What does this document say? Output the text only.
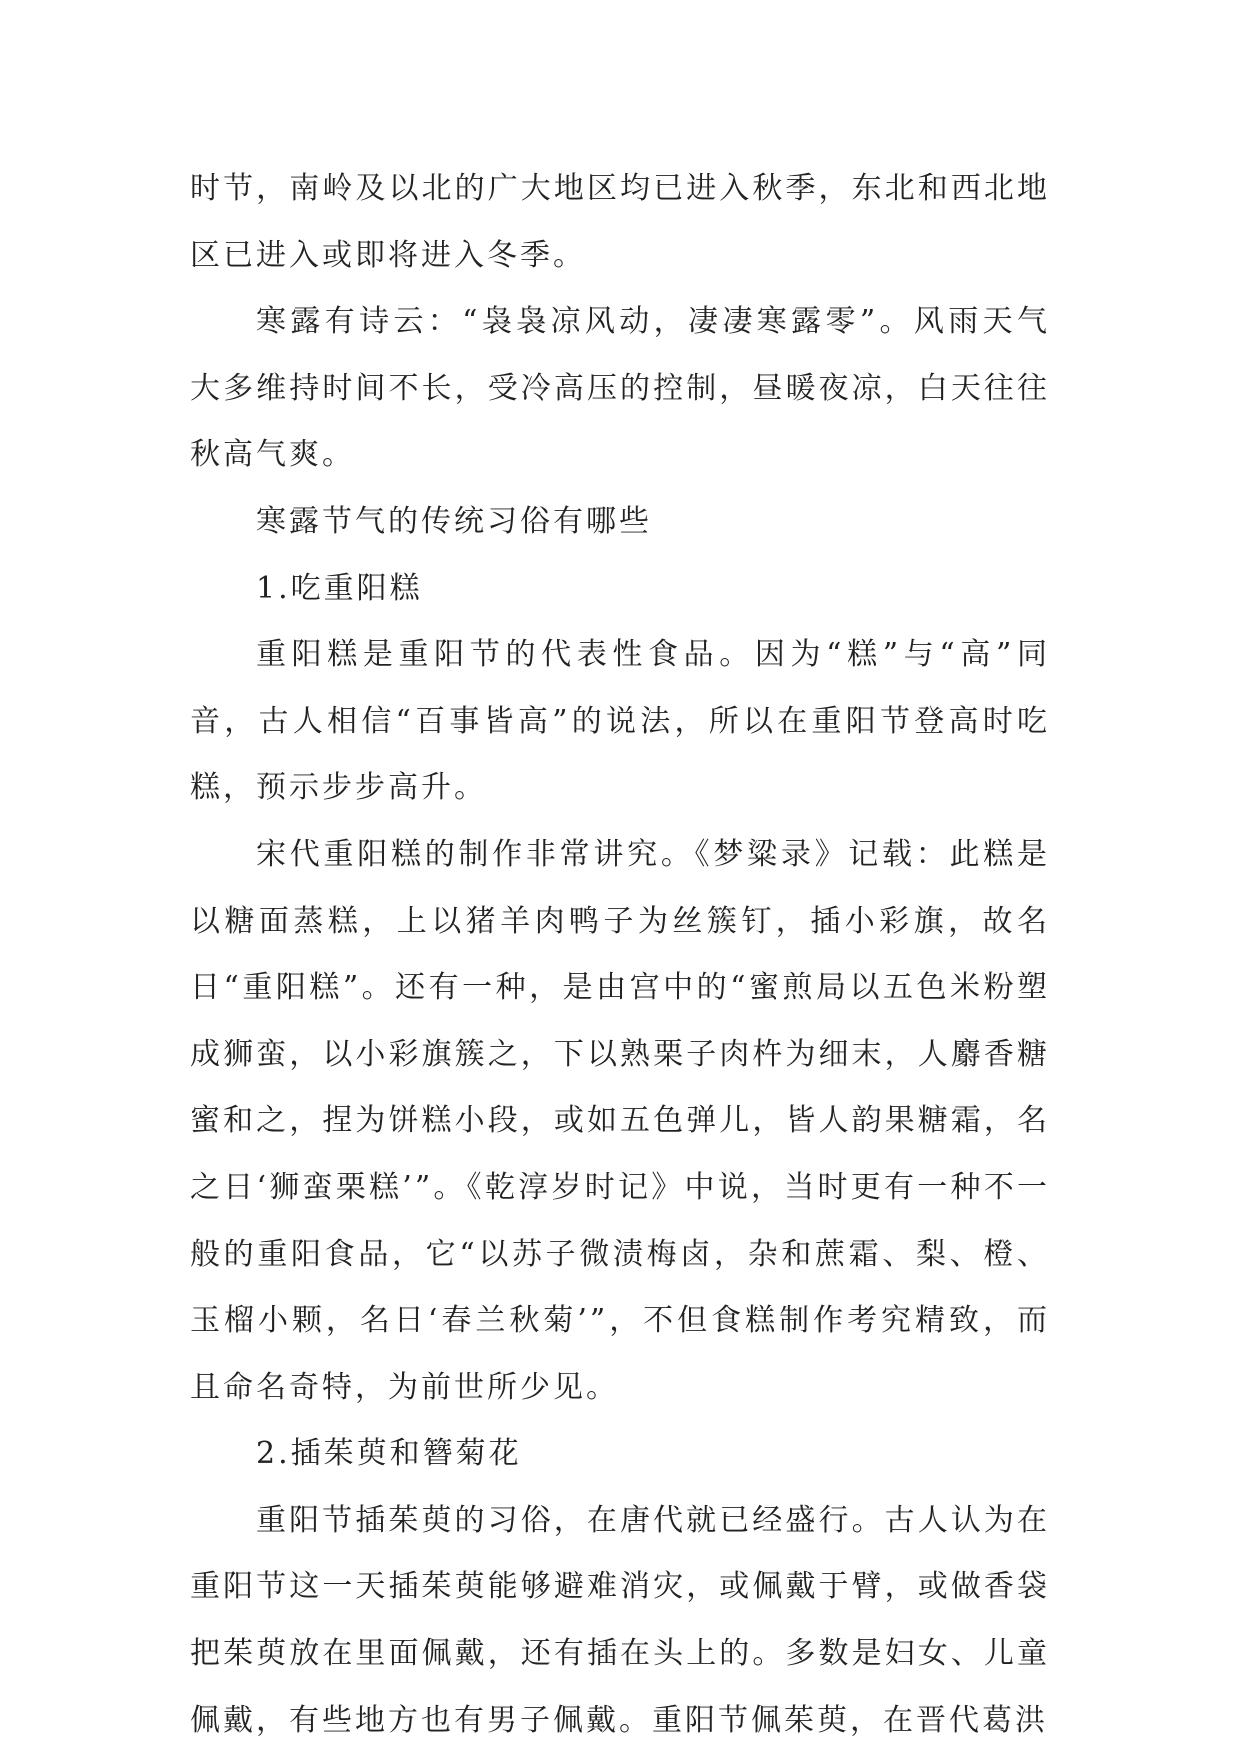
时节，南岭及以北的广大地区均已进入秋季，东北和西北地区已进入或即将进入冬季。

寒露有诗云：“袅袅凉风动，凄凄寒露零”。风雨天气大多维持时间不长，受冷高压的控制，昼暖夜凉，白天往往秋高气爽。

寒露节气的传统习俗有哪些

1.吃重阳糕

重阳糕是重阳节的代表性食品。因为“糕”与“高”同音，古人相信“百事皆高”的说法，所以在重阳节登高时吃糕，预示步步高升。

宋代重阳糕的制作非常讲究。《梦粱录》记载：此糕是以糖面蒸糕，上以猪羊肉鸭子为丝簇钉，插小彩旗，故名日“重阳糕”。还有一种，是由宫中的“蜜煎局以五色米粉塑成狮蛮，以小彩旗簇之，下以熟栗子肉杵为细末，人麝香糖蜜和之，捏为饼糕小段，或如五色弹儿，皆人韵果糖霜，名之日‘狮蛮栗糕’”。《乾淳岁时记》中说，当时更有一种不一般的重阳食品，它“以苏子微渍梅卤，杂和蔗霜、梨、橙、玉榴小颗，名日‘春兰秋菊’”，不但食糕制作考究精致，而且命名奇特，为前世所少见。

2.插茱萸和簪菊花

重阳节插茱萸的习俗，在唐代就已经盛行。古人认为在重阳节这一天插茱萸能够避难消灾，或佩戴于臂，或做香袋把茱萸放在里面佩戴，还有插在头上的。多数是妇女、儿童佩戴，有些地方也有男子佩戴。重阳节佩茱萸，在晋代葛洪
